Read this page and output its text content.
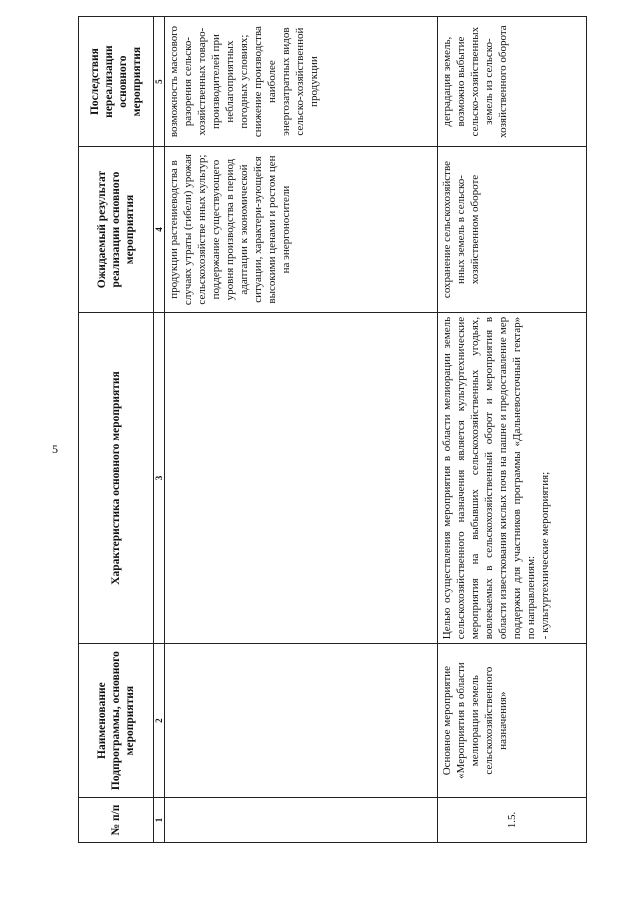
5
№ п/п	Наименование Подпрограммы, основного мероприятия	Характеристика основного мероприятия	Ожидаемый результат реализации основного мероприятия	Последствия нереализации основного мероприятия
1	2	3	4	5
			продукции растениеводства в случаях утраты (гибели) урожая сельскохозяйстве нных культур; поддержание существующего уровня производства в период адаптации к экономической ситуации, характери-зующейся высокими ценами и ростом цен на энергоносители	возможность массового разорения сельско-хозяйственных товаро-производителей при неблагоприятных погодных условиях; снижение производства наиболее энергозатратных видов сельско-хозяйственной продукции
1.5.	Основное мероприятие «Мероприятия в области мелиорации земель сельскохозяйственного назначения»	Целью осуществления мероприятия в области мелиорации земель сельскохозяйственного назначения является культуртехнические мероприятия на выбывших сельскохозяйственных угодьях, вовлекаемых в сельскохозяйственный оборот и мероприятия в области известкования кислых почв на пашне и предоставление мер поддержки для участников программы «Дальневосточный гектар» по направлениям: - культуртехнические мероприятия;	сохранение сельскохозяйстве нных земель в сельско-хозяйственном обороте	деградация земель, возможно выбытие сельско-хозяйственных земель из сельско-хозяйственного оборота
